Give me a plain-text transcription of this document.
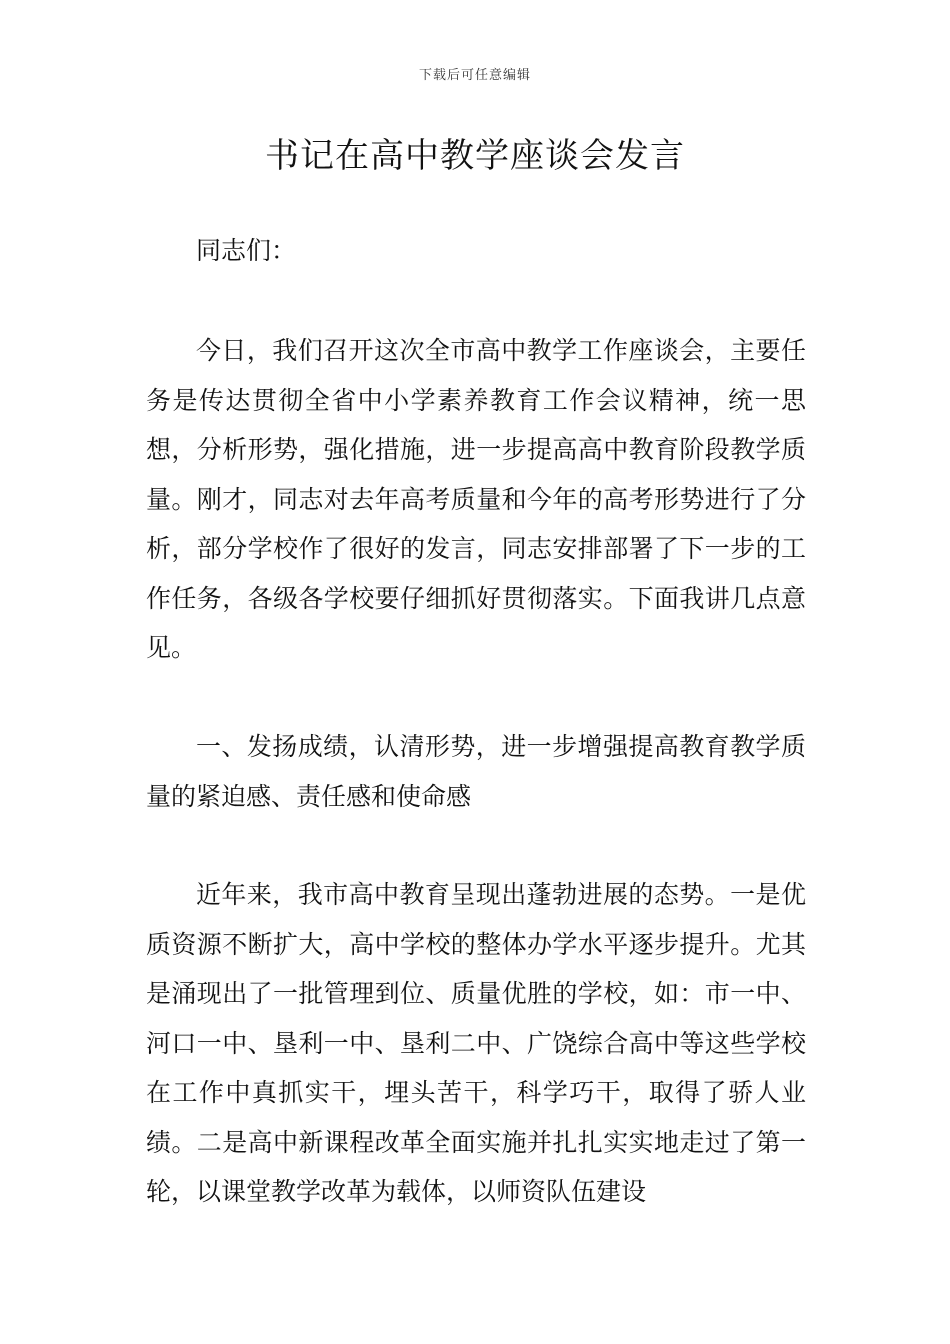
下载后可任意编辑
书记在高中教学座谈会发言

同志们：

今日，我们召开这次全市高中教学工作座谈会，主要任务是传达贯彻全省中小学素养教育工作会议精神，统一思想，分析形势，强化措施，进一步提高高中教育阶段教学质量。刚才，同志对去年高考质量和今年的高考形势进行了分析，部分学校作了很好的发言，同志安排部署了下一步的工作任务，各级各学校要仔细抓好贯彻落实。下面我讲几点意见。

一、发扬成绩，认清形势，进一步增强提高教育教学质量的紧迫感、责任感和使命感

近年来，我市高中教育呈现出蓬勃进展的态势。一是优质资源不断扩大，高中学校的整体办学水平逐步提升。尤其是涌现出了一批管理到位、质量优胜的学校，如：市一中、河口一中、垦利一中、垦利二中、广饶综合高中等这些学校在工作中真抓实干，埋头苦干，科学巧干，取得了骄人业绩。二是高中新课程改革全面实施并扎扎实实地走过了第一轮，以课堂教学改革为载体，以师资队伍建设
